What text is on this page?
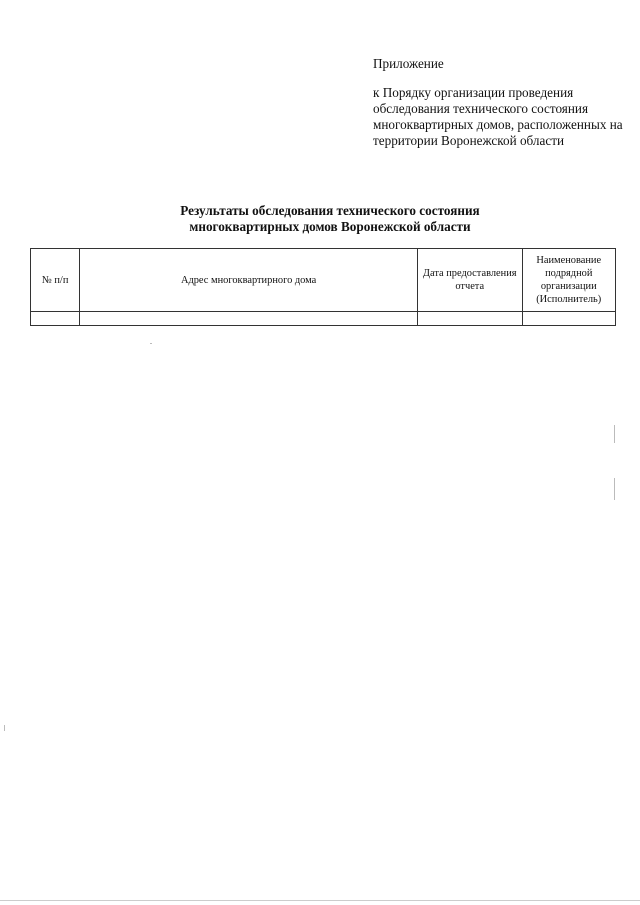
Приложение

к Порядку организации проведения обследования технического состояния многоквартирных домов, расположенных на территории Воронежской области

Результаты обследования технического состояния многоквартирных домов Воронежской области
№ п/п	Адрес многоквартирного дома	Дата предоставления отчета	Наименование подрядной организации (Исполнитель)
